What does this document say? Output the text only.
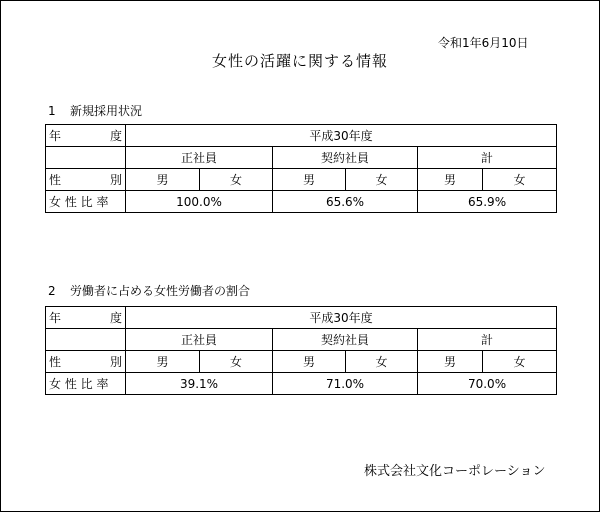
令和1年6月10日
女性の活躍に関する情報
1 新規採用状況
年 度	平成30年度					
	正社員		契約社員		計	

性 別	男	女	男	女	男	女
女 性 比 率	100.0%		65.6%		65.9%	
2 労働者に占める女性労働者の割合
年 度	平成30年度					
	正社員		契約社員		計	

性 別	男	女	男	女	男	女
女 性 比 率	39.1%		71.0%		70.0%	
株式会社文化コーポレーション
